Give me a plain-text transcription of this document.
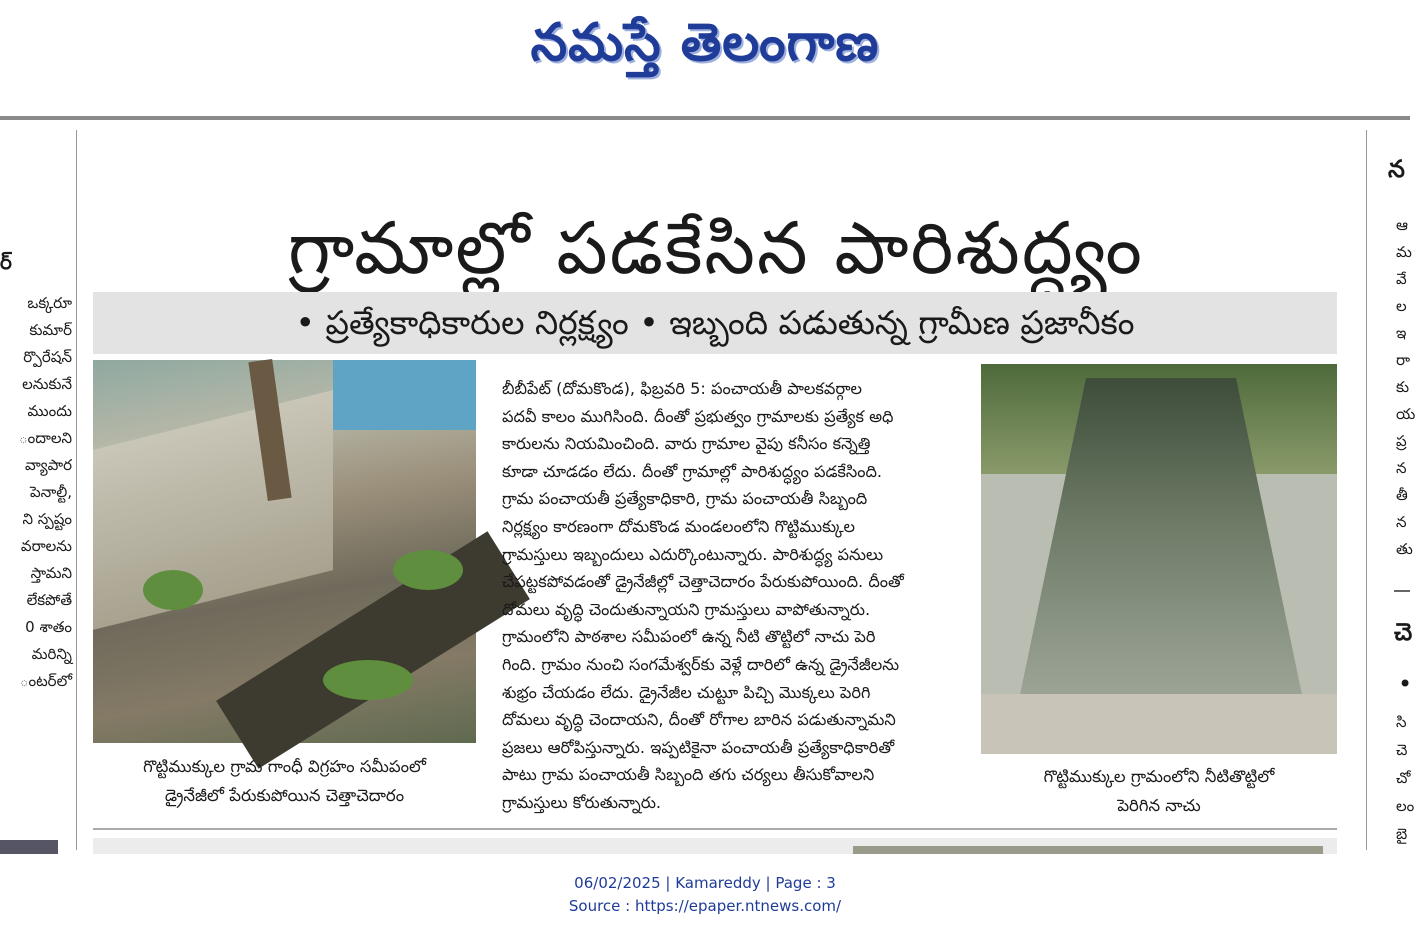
నమస్తే తెలంగాణ
ర్
ఒక్కరూ
కుమార్
ర్పొరేషన్
లనుకునే
ముందు
ందాలని
వ్యాపార
పెనాల్టీ,
ని స్పష్టం
వరాలను
స్తామని
లేకపోతే
0 శాతం
మరిన్ని
ంటర్‌లో
న
ఆ
మ
వే
ల
ఇ
రా
కు
య
ప్ర
న
తీ
న
తు
చె
•
సి
చె
చో
లం
బై
గ్రామాల్లో పడకేసిన పారిశుద్ధ్యం
• ప్రత్యేకాధికారుల నిర్లక్ష్యం • ఇబ్బంది పడుతున్న గ్రామీణ ప్రజానీకం
గొట్టిముక్కుల గ్రామ గాంధీ విగ్రహం సమీపంలో
డ్రైనేజీలో పేరుకుపోయిన చెత్తాచెదారం
బీబీపేట్ (దోమకొండ), ఫిబ్రవరి 5: పంచాయతీ పాలకవర్గాల
పదవీ కాలం ముగిసింది. దీంతో ప్రభుత్వం గ్రామాలకు ప్రత్యేక అధి
కారులను నియమించింది. వారు గ్రామాల వైపు కనీసం కన్నెత్తి
కూడా చూడడం లేదు. దీంతో గ్రామాల్లో పారిశుద్ధ్యం పడకేసింది.
గ్రామ పంచాయతీ ప్రత్యేకాధికారి, గ్రామ పంచాయతీ సిబ్బంది
నిర్లక్ష్యం కారణంగా దోమకొండ మండలంలోని గొట్టిముక్కుల
గ్రామస్తులు ఇబ్బందులు ఎదుర్కొంటున్నారు. పారిశుద్ధ్య పనులు
చేపట్టకపోవడంతో డ్రైనేజీల్లో చెత్తాచెదారం పేరుకుపోయింది. దీంతో
దోమలు వృద్ధి చెందుతున్నాయని గ్రామస్తులు వాపోతున్నారు.
గ్రామంలోని పాఠశాల సమీపంలో ఉన్న నీటి తొట్టిలో నాచు పెరి
గింది. గ్రామం నుంచి సంగమేశ్వర్‌కు వెళ్లే దారిలో ఉన్న డ్రైనేజీలను
శుభ్రం చేయడం లేదు. డ్రైనేజీల చుట్టూ పిచ్చి మొక్కలు పెరిగి
దోమలు వృద్ధి చెందాయని, దీంతో రోగాల బారిన పడుతున్నామని
ప్రజలు ఆరోపిస్తున్నారు. ఇప్పటికైనా పంచాయతీ ప్రత్యేకాధికారితో
పాటు గ్రామ పంచాయతీ సిబ్బంది తగు చర్యలు తీసుకోవాలని
గ్రామస్తులు కోరుతున్నారు.
గొట్టిముక్కుల గ్రామంలోని నీటితొట్టిలో
పెరిగిన నాచు
06/02/2025 | Kamareddy | Page : 3
Source : https://epaper.ntnews.com/
